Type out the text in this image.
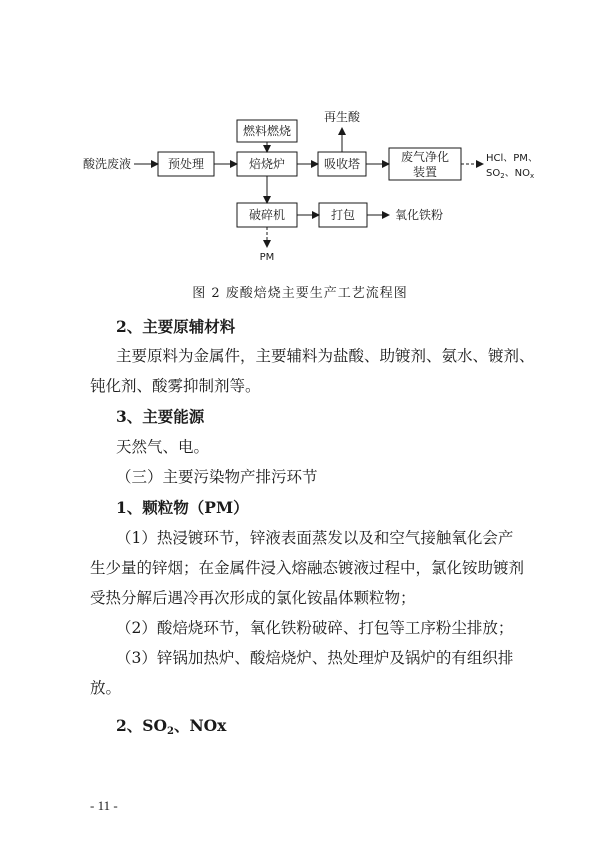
酸洗废液	预处理
燃料燃烧
焙烧炉
再生酸
吸收塔	废气净化
装置
HCl、PM、
$SO_2$、$NO_x$
破碎机
PM
打包	氧化铁粉
图 2 废酸焙烧主要生产工艺流程图
2、主要原辅材料
主要原料为金属件，主要辅料为盐酸、助镀剂、氨水、镀剂、
钝化剂、酸雾抑制剂等。
3、主要能源
天然气、电。
（三）主要污染物产排污环节
1、颗粒物（PM）
（1）热浸镀环节，锌液表面蒸发以及和空气接触氧化会产
生少量的锌烟；在金属件浸入熔融态镀液过程中，氯化铵助镀剂
受热分解后遇冷再次形成的氯化铵晶体颗粒物；
（2）酸焙烧环节，氧化铁粉破碎、打包等工序粉尘排放；
（3）锌锅加热炉、酸焙烧炉、热处理炉及锅炉的有组织排
放。
2、$SO_2$、NOx
- 11 -
